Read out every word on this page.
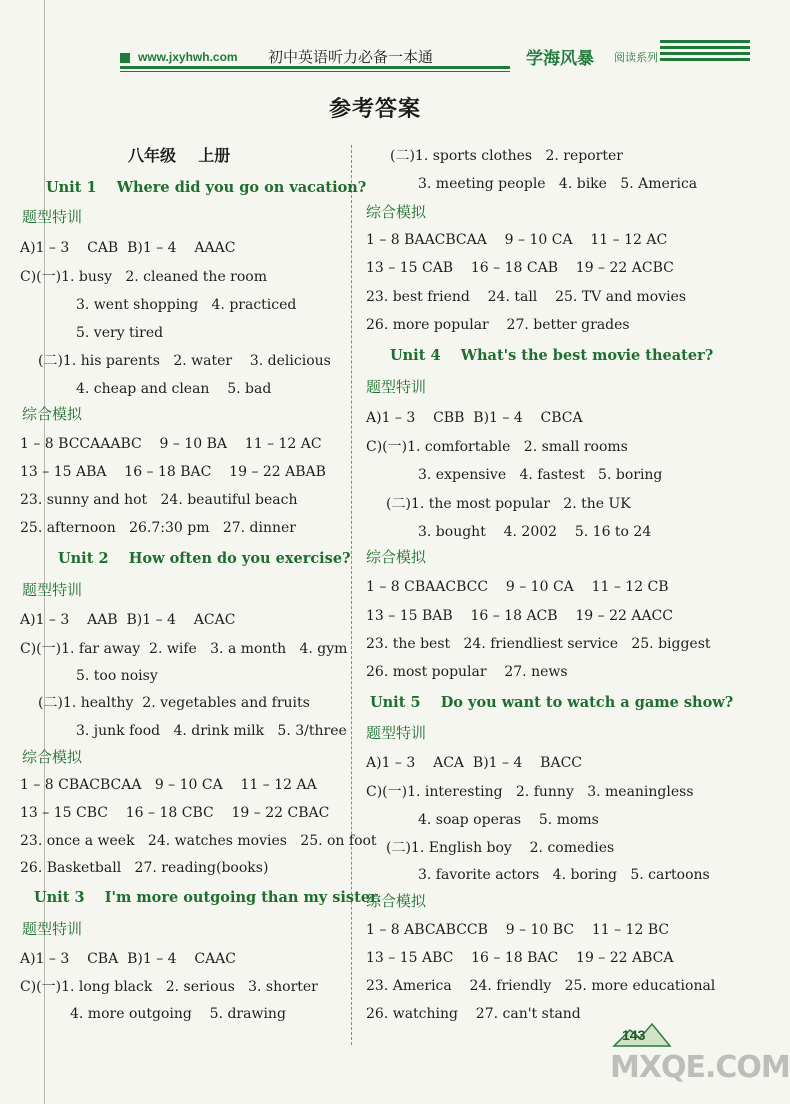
www.jxyhwh.com 初中英语听力必备一本通	学海风暴 阅读系列
参考答案
八年级    上册
Unit 1    Where did you go on vacation?
题型特训
A)1 – 3    CAB  B)1 – 4    AAAC
C)(一)1. busy   2. cleaned the room
3. went shopping   4. practiced
5. very tired
(二)1. his parents   2. water    3. delicious
4. cheap and clean    5. bad
综合模拟
1 – 8 BCCAAABC    9 – 10 BA    11 – 12 AC
13 – 15 ABA    16 – 18 BAC    19 – 22 ABAB
23. sunny and hot   24. beautiful beach
25. afternoon   26.7:30 pm   27. dinner
Unit 2    How often do you exercise?
题型特训
A)1 – 3    AAB  B)1 – 4    ACAC
C)(一)1. far away  2. wife   3. a month   4. gym
5. too noisy
(二)1. healthy  2. vegetables and fruits
3. junk food   4. drink milk   5. 3/three
综合模拟
1 – 8 CBACBCAA   9 – 10 CA    11 – 12 AA
13 – 15 CBC    16 – 18 CBC    19 – 22 CBAC
23. once a week   24. watches movies   25. on foot
26. Basketball   27. reading(books)
Unit 3    I'm more outgoing than my sister.
题型特训
A)1 – 3    CBA  B)1 – 4    CAAC
C)(一)1. long black   2. serious   3. shorter
4. more outgoing    5. drawing
(二)1. sports clothes   2. reporter
3. meeting people   4. bike   5. America
综合模拟
1 – 8 BAACBCAA    9 – 10 CA    11 – 12 AC
13 – 15 CAB    16 – 18 CAB    19 – 22 ACBC
23. best friend    24. tall    25. TV and movies
26. more popular    27. better grades
Unit 4    What's the best movie theater?
题型特训
A)1 – 3    CBB  B)1 – 4    CBCA
C)(一)1. comfortable   2. small rooms
3. expensive   4. fastest   5. boring
(二)1. the most popular   2. the UK
3. bought    4. 2002    5. 16 to 24
综合模拟
1 – 8 CBAACBCC    9 – 10 CA    11 – 12 CB
13 – 15 BAB    16 – 18 ACB    19 – 22 AACC
23. the best   24. friendliest service   25. biggest
26. most popular    27. news
Unit 5    Do you want to watch a game show?
题型特训
A)1 – 3    ACA  B)1 – 4    BACC
C)(一)1. interesting   2. funny   3. meaningless
4. soap operas    5. moms
(二)1. English boy    2. comedies
3. favorite actors   4. boring   5. cartoons
综合模拟
1 – 8 ABCABCCB    9 – 10 BC    11 – 12 BC
13 – 15 ABC    16 – 18 BAC    19 – 22 ABCA
23. America    24. friendly   25. more educational
26. watching    27. can't stand
143
MXQE.COM
